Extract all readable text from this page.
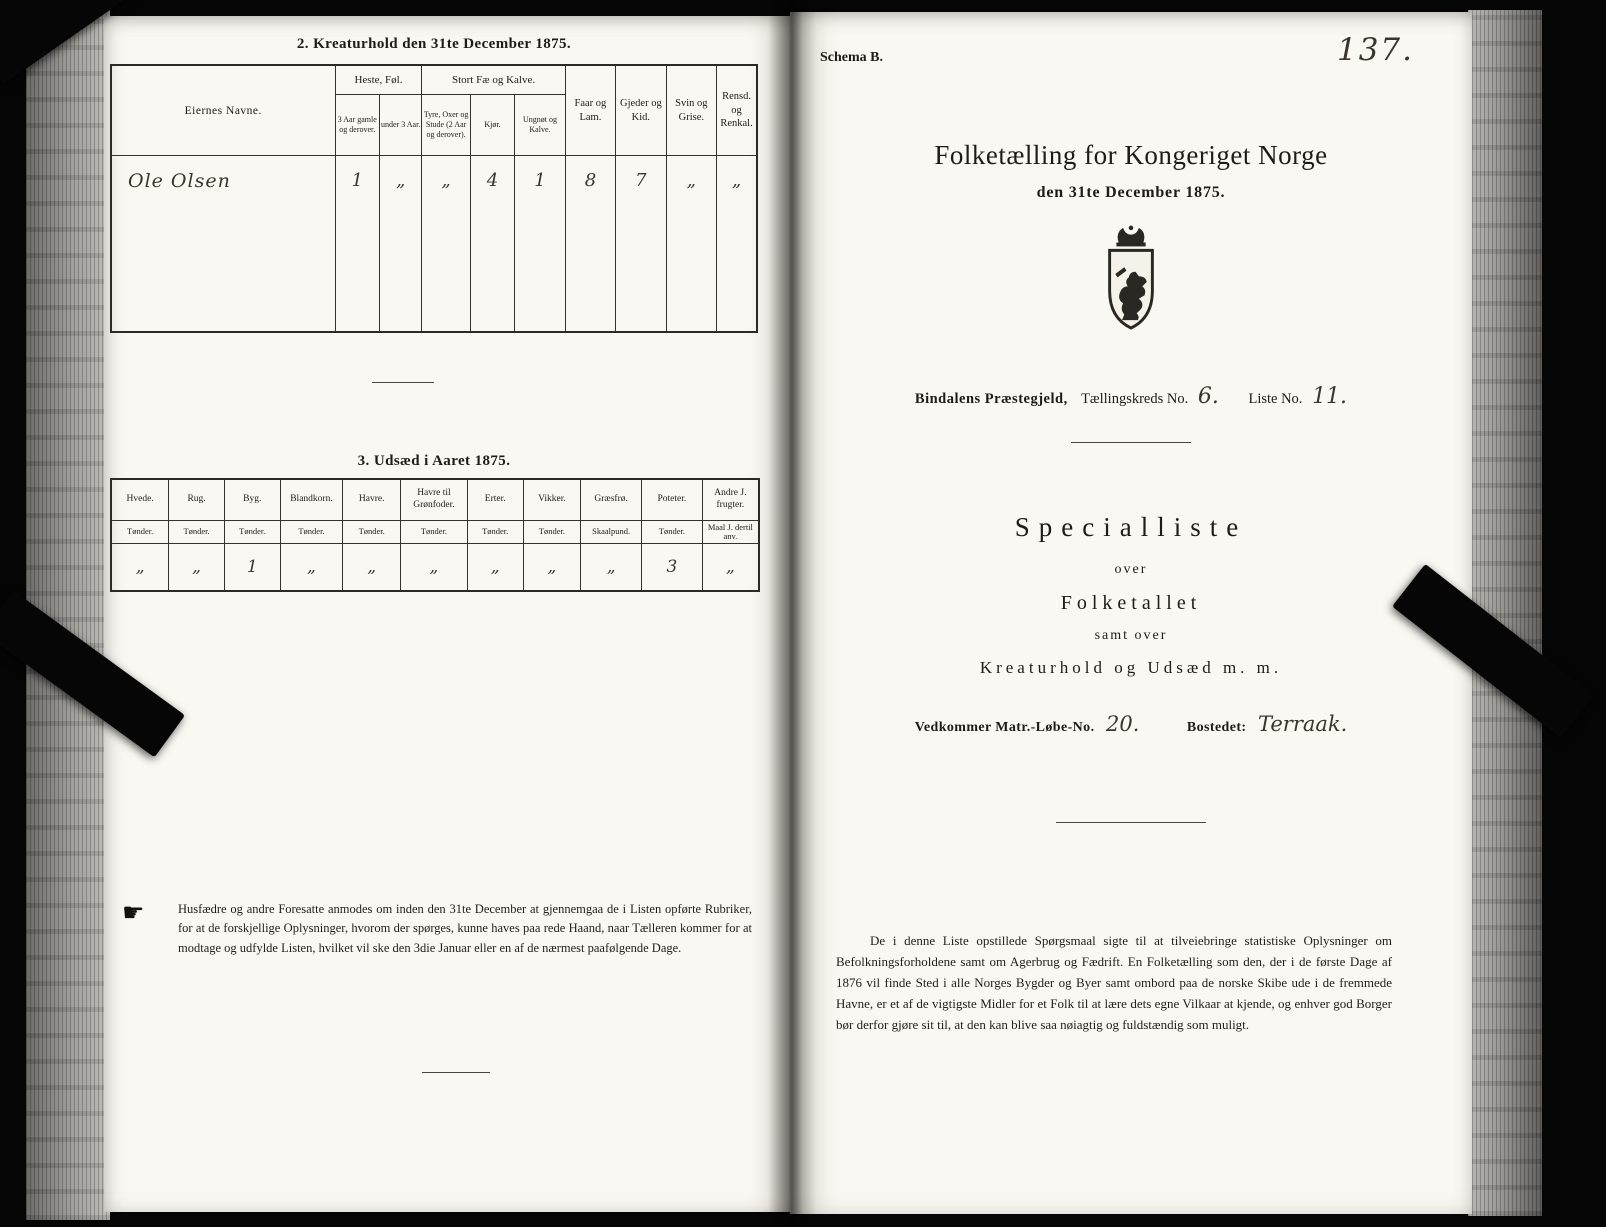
2. Kreaturhold den 31te December 1875.
Eiernes Navne.	Heste, Føl.		Stort Fæ og Kalve.			Faar og Lam.	Gjeder og Kid.	Svin og Grise.	Rensd. og Renkal.
	3 Aar gamle og derover.	under 3 Aar.	Tyre, Oxer og Stude (2 Aar og derover).	Kjør.	Ungnøt og Kalve.				
Ole Olsen	1	„	„	4	1	8	7	„	„
3. Udsæd i Aaret 1875.
Hvede.	Rug.	Byg.	Blandkorn.	Havre.	Havre til Grønfoder.	Erter.	Vikker.	Græsfrø.	Poteter.	Andre J. frugter.
Tønder.	Tønder.	Tønder.	Tønder.	Tønder.	Tønder.	Tønder.	Tønder.	Skaalpund.	Tønder.	Maal J. dertil anv.
„	„	1	„	„	„	„	„	„	3	„
☛	Husfædre og andre Foresatte anmodes om inden den 31te December at gjennemgaa de i Listen opførte Rubriker, for at de forskjellige Oplysninger, hvorom der spørges, kunne haves paa rede Haand, naar Tælleren kommer for at modtage og udfylde Listen, hvilket vil ske den 3die Januar eller en af de nærmest paafølgende Dage.
Schema B.	137.
Folketælling for Kongeriget Norge
den 31te December 1875.
Bindalens Præstegjeld, Tællingskreds No. 6. Liste No. 11.
Specialliste
over
Folketallet
samt over
Kreaturhold og Udsæd m. m.
Vedkommer Matr.-Løbe-No. 20.	Bostedet: Terraak.
De i denne Liste opstillede Spørgsmaal sigte til at tilveiebringe statistiske Oplysninger om Befolkningsforholdene samt om Agerbrug og Fædrift. En Folketælling som den, der i de første Dage af 1876 vil finde Sted i alle Norges Bygder og Byer samt ombord paa de norske Skibe ude i de fremmede Havne, er et af de vigtigste Midler for et Folk til at lære dets egne Vilkaar at kjende, og enhver god Borger bør derfor gjøre sit til, at den kan blive saa nøiagtig og fuldstændig som muligt.
